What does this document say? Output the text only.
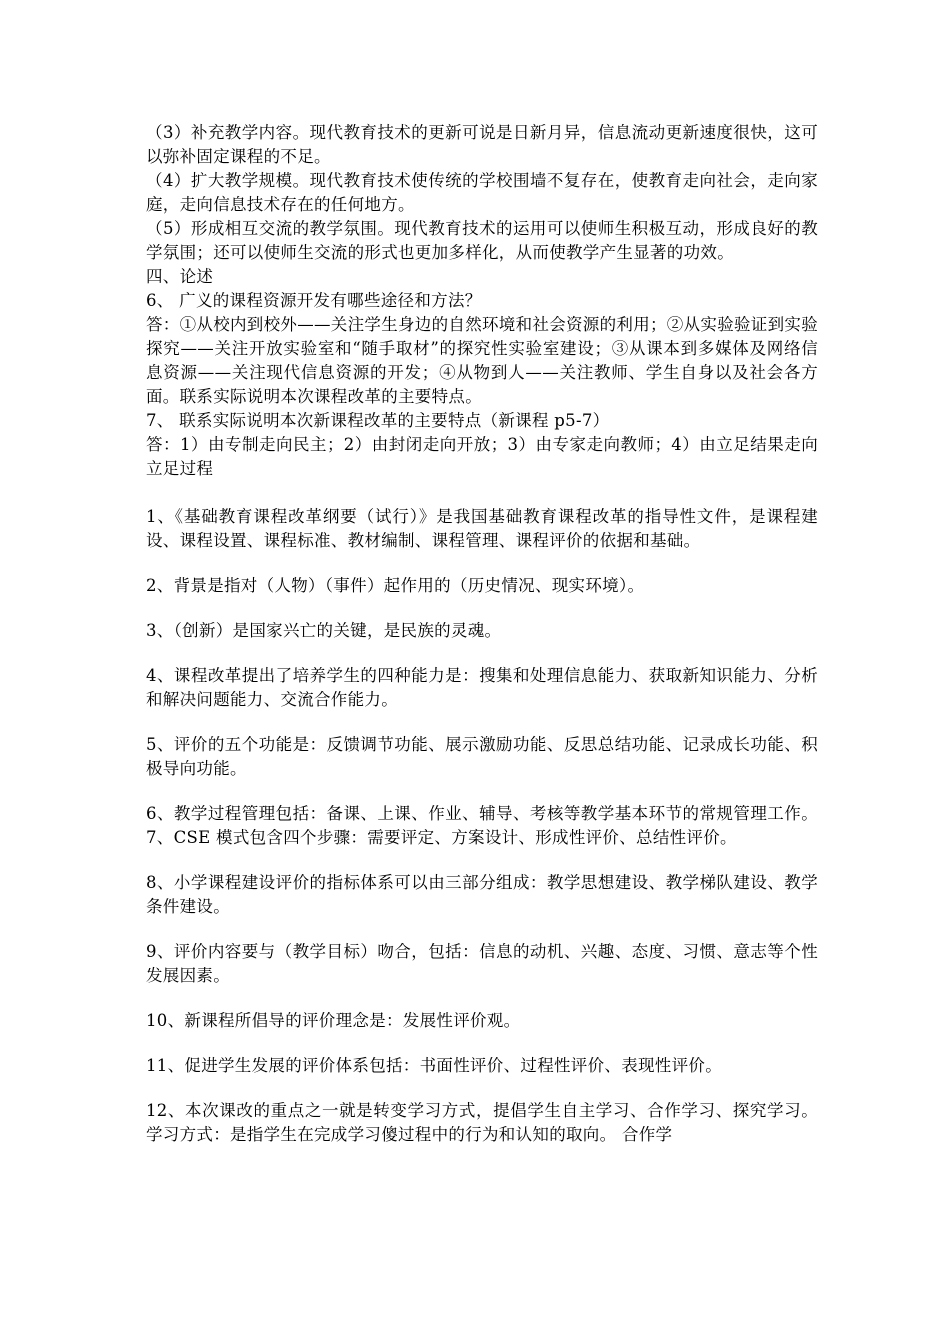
（3）补充教学内容。现代教育技术的更新可说是日新月异，信息流动更新速度很快，这可以弥补固定课程的不足。

（4）扩大教学规模。现代教育技术使传统的学校围墙不复存在，使教育走向社会，走向家庭，走向信息技术存在的任何地方。

（5）形成相互交流的教学氛围。现代教育技术的运用可以使师生积极互动，形成良好的教学氛围；还可以使师生交流的形式也更加多样化，从而使教学产生显著的功效。

四、论述

6、 广义的课程资源开发有哪些途径和方法？

答：①从校内到校外——关注学生身边的自然环境和社会资源的利用；②从实验验证到实验探究——关注开放实验室和“随手取材”的探究性实验室建设；③从课本到多媒体及网络信息资源——关注现代信息资源的开发；④从物到人——关注教师、学生自身以及社会各方面。联系实际说明本次课程改革的主要特点。

7、 联系实际说明本次新课程改革的主要特点（新课程 p5-7）

答：1）由专制走向民主；2）由封闭走向开放；3）由专家走向教师；4）由立足结果走向立足过程

1、《基础教育课程改革纲要（试行）》是我国基础教育课程改革的指导性文件，是课程建设、课程设置、课程标准、教材编制、课程管理、课程评价的依据和基础。

2、背景是指对（人物）（事件）起作用的（历史情况、现实环境）。

3、（创新）是国家兴亡的关键，是民族的灵魂。

4、课程改革提出了培养学生的四种能力是：搜集和处理信息能力、获取新知识能力、分析和解决问题能力、交流合作能力。

5、评价的五个功能是：反馈调节功能、展示激励功能、反思总结功能、记录成长功能、积极导向功能。

6、教学过程管理包括：备课、上课、作业、辅导、考核等教学基本环节的常规管理工作。 7、CSE 模式包含四个步骤：需要评定、方案设计、形成性评价、总结性评价。

8、小学课程建设评价的指标体系可以由三部分组成：教学思想建设、教学梯队建设、教学条件建设。

9、评价内容要与（教学目标）吻合，包括：信息的动机、兴趣、态度、习惯、意志等个性发展因素。

10、新课程所倡导的评价理念是：发展性评价观。

11、促进学生发展的评价体系包括：书面性评价、过程性评价、表现性评价。

12、本次课改的重点之一就是转变学习方式，提倡学生自主学习、合作学习、探究学习。 学习方式：是指学生在完成学习傻过程中的行为和认知的取向。 合作学
